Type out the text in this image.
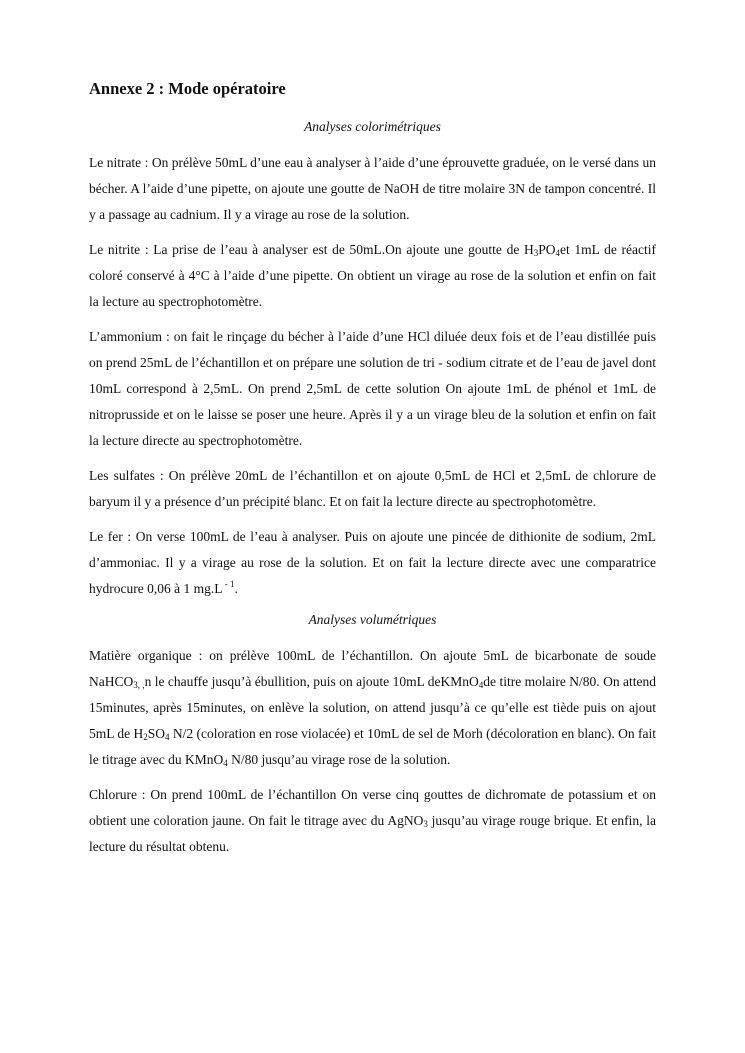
Annexe 2 : Mode opératoire
Analyses colorimétriques

Le nitrate : On prélève 50mL d’une eau à analyser à l’aide d’une éprouvette graduée, on le versé dans un bécher. A l’aide d’une pipette, on ajoute une goutte de NaOH de titre molaire 3N de tampon concentré. Il y a passage au cadnium. Il y a virage au rose de la solution.

Le nitrite : La prise de l’eau à analyser est de 50mL.On ajoute une goutte de $H_3PO_4et$ 1mL de réactif coloré conservé à 4°C à l’aide d’une pipette. On obtient un virage au rose de la solution et enfin on fait la lecture au spectrophotomètre.

L’ammonium : on fait le rinçage du bécher à l’aide d’une HCl diluée deux fois et de l’eau distillée puis on prend 25mL de l’échantillon et on prépare une solution de tri - sodium citrate et de l’eau de javel dont 10mL correspond à 2,5mL. On prend 2,5mL de cette solution On ajoute 1mL de phénol et 1mL de nitroprusside et on le laisse se poser une heure. Après il y a un virage bleu de la solution et enfin on fait la lecture directe au spectrophotomètre.

Les sulfates : On prélève 20mL de l’échantillon et on ajoute 0,5mL de HCl et 2,5mL de chlorure de baryum il y a présence d’un précipité blanc. Et on fait la lecture directe au spectrophotomètre.

Le fer : On verse 100mL de l’eau à analyser. Puis on ajoute une pincée de dithionite de sodium, 2mL d’ammoniac. Il y a virage au rose de la solution. Et on fait la lecture directe avec une comparatrice hydrocure 0,06 à 1 mg.L $^{- 1}$.

Analyses volumétriques

Matière organique : on prélève 100mL de l’échantillon. On ajoute 5mL de bicarbonate de soude NaHCO$_{3, ,}$n le chauffe jusqu’à ébullition, puis on ajoute 10mL deKMnO$_4$de titre molaire N/80. On attend 15minutes, après 15minutes, on enlève la solution, on attend jusqu’à ce qu’elle est tiède puis on ajout 5mL de $H_2SO_4$ N/2 (coloration en rose violacée) et 10mL de sel de Morh (décoloration en blanc). On fait le titrage avec du KMnO$_4$ N/80 jusqu’au virage rose de la solution.

Chlorure : On prend 100mL de l’échantillon On verse cinq gouttes de dichromate de potassium et on obtient une coloration jaune. On fait le titrage avec du AgNO$_3$ jusqu’au virage rouge brique. Et enfin, la lecture du résultat obtenu.
